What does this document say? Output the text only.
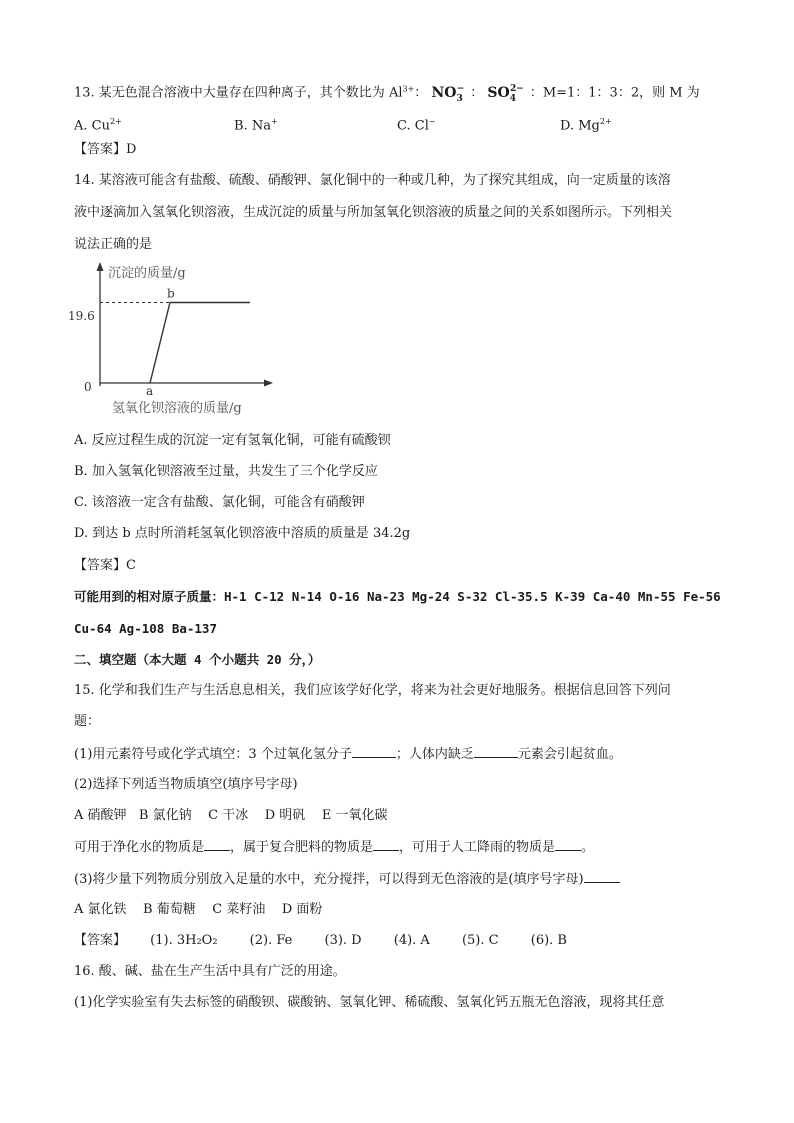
13. 某无色混合溶液中大量存在四种离子，其个数比为 $Al^{3+}$： $NO_3^-$ ： $SO_4^{2-}$ ：M=1：1：3：2，则 M 为
A. $Cu^{2+}$	B. Na+	C. Cl−	D. $Mg^{2+}$
【答案】D
14. 某溶液可能含有盐酸、硫酸、硝酸钾、氯化铜中的一种或几种，为了探究其组成，向一定质量的该溶
液中逐滴加入氢氧化钡溶液，生成沉淀的质量与所加氢氧化钡溶液的质量之间的关系如图所示。下列相关
说法正确的是
沉淀的质量/g
氢氧化钡溶液的质量/g
0
19.6
a
b
A. 反应过程生成的沉淀一定有氢氧化铜，可能有硫酸钡
B. 加入氢氧化钡溶液至过量，共发生了三个化学反应
C. 该溶液一定含有盐酸、氯化铜，可能含有硝酸钾
D. 到达 b 点时所消耗氢氧化钡溶液中溶质的质量是 34.2g
【答案】C
可能用到的相对原子质量：H-1 C-12 N-14 O-16 Na-23 Mg-24 S-32 Cl-35.5 K-39 Ca-40 Mn-55 Fe-56
Cu-64 Ag-108 Ba-137
二、填空题（本大题 4 个小题共 20 分，）
15. 化学和我们生产与生活息息相关，我们应该学好化学，将来为社会更好地服务。根据信息回答下列问
题：
(1)用元素符号或化学式填空：3 个过氧化氢分子	；人体内缺乏	元素会引起贫血。
(2)选择下列适当物质填空(填序号字母)
A 硝酸钾   B 氯化钠    C 干冰    D 明矾    E 一氧化碳
可用于净化水的物质是 ，属于复合肥料的物质是 ，可用于人工降雨的物质是 。
(3)将少量下列物质分别放入足量的水中，充分搅拌，可以得到无色溶液的是(填序号字母)
A 氯化铁    B 葡萄糖    C 菜籽油    D 面粉
【答案】 (1). 3H₂O₂ (2). Fe (3). D (4). A (5). C (6). B
16. 酸、碱、盐在生产生活中具有广泛的用途。
(1)化学实验室有失去标签的硝酸钡、碳酸钠、氢氧化钾、稀硫酸、氢氧化钙五瓶无色溶液，现将其任意
